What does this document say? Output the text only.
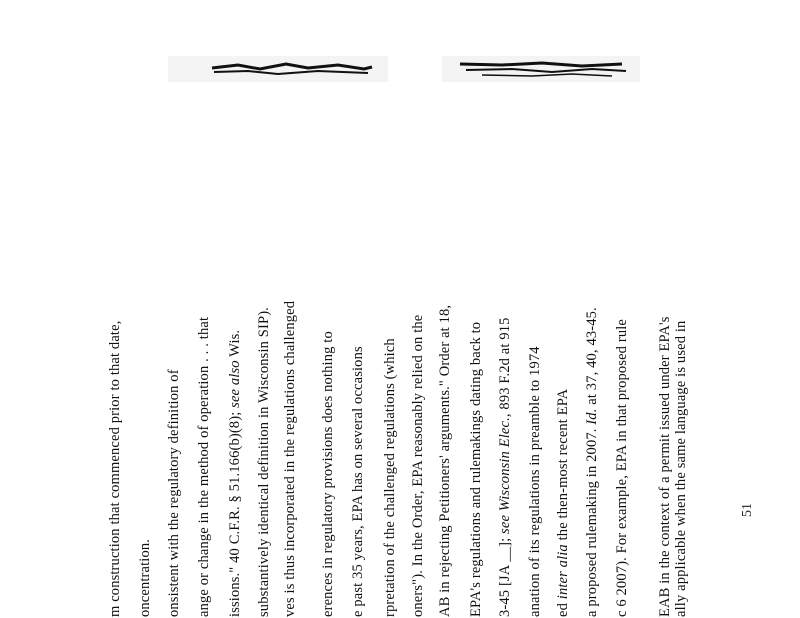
m construction that commenced prior to that date, oncentration. onsistent with the regulatory definition of ange or change in the method of operation . . . that issions." 40 C.F.R. § 51.166(b)(8); see also Wis. substantively identical definition in Wisconsin SIP). ves is thus incorporated in the regulations challenged erences in regulatory provisions does nothing to e past 35 years, EPA has on several occasions rpretation of the challenged regulations (which oners"). In the Order, EPA reasonably relied on the AB in rejecting Petitioners' arguments." Order at 18, EPA's regulations and rulemakings dating back to 3-45 [JA __]; see Wisconsin Elec., 893 F.2d at 915 anation of its regulations in preamble to 1974 ed inter alia the then-most recent EPA a proposed rulemaking in 2007. Id. at 37, 40, 43-45. c 6 2007). For example, EPA in that proposed rule EAB in the context of a permit issued under EPA's ally applicable when the same language is used in	51
